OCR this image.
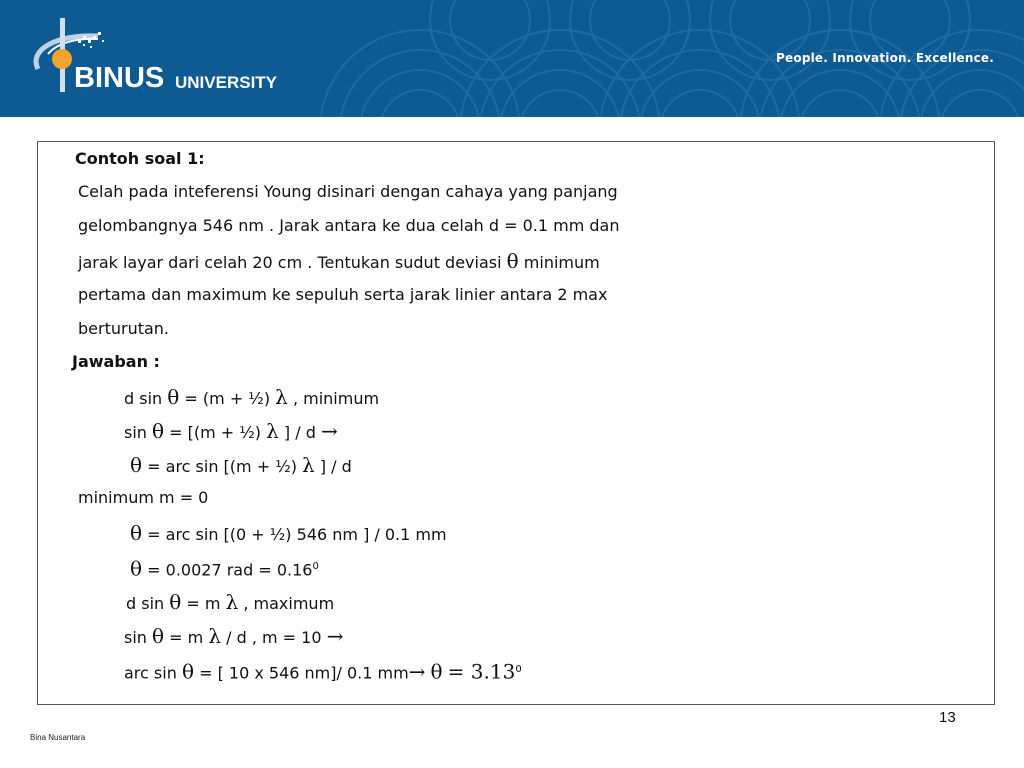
BINUS UNIVERSITY
People. Innovation. Excellence.
Contoh soal 1:
Celah pada inteferensi Young disinari dengan cahaya yang panjang
gelombangnya 546 nm . Jarak antara ke dua celah d = 0.1 mm dan
jarak layar dari celah 20 cm . Tentukan sudut deviasi θ minimum
pertama dan maximum ke sepuluh serta jarak linier antara 2 max
berturutan.
Jawaban :
d sin θ = (m + ½) λ , minimum
sin θ = [(m + ½) λ ] / d →
θ = arc sin [(m + ½) λ ] / d
minimum m = 0
θ = arc sin [(0 + ½) 546 nm ] / 0.1 mm
θ = 0.0027 rad = $0.16^0$
d sin θ = m λ , maximum
sin θ = m λ / d , m = 10 →
arc sin θ = [ 10 x 546 nm]/ 0.1 $mm\to \theta = 3.13^0$
13
Bina Nusantara
